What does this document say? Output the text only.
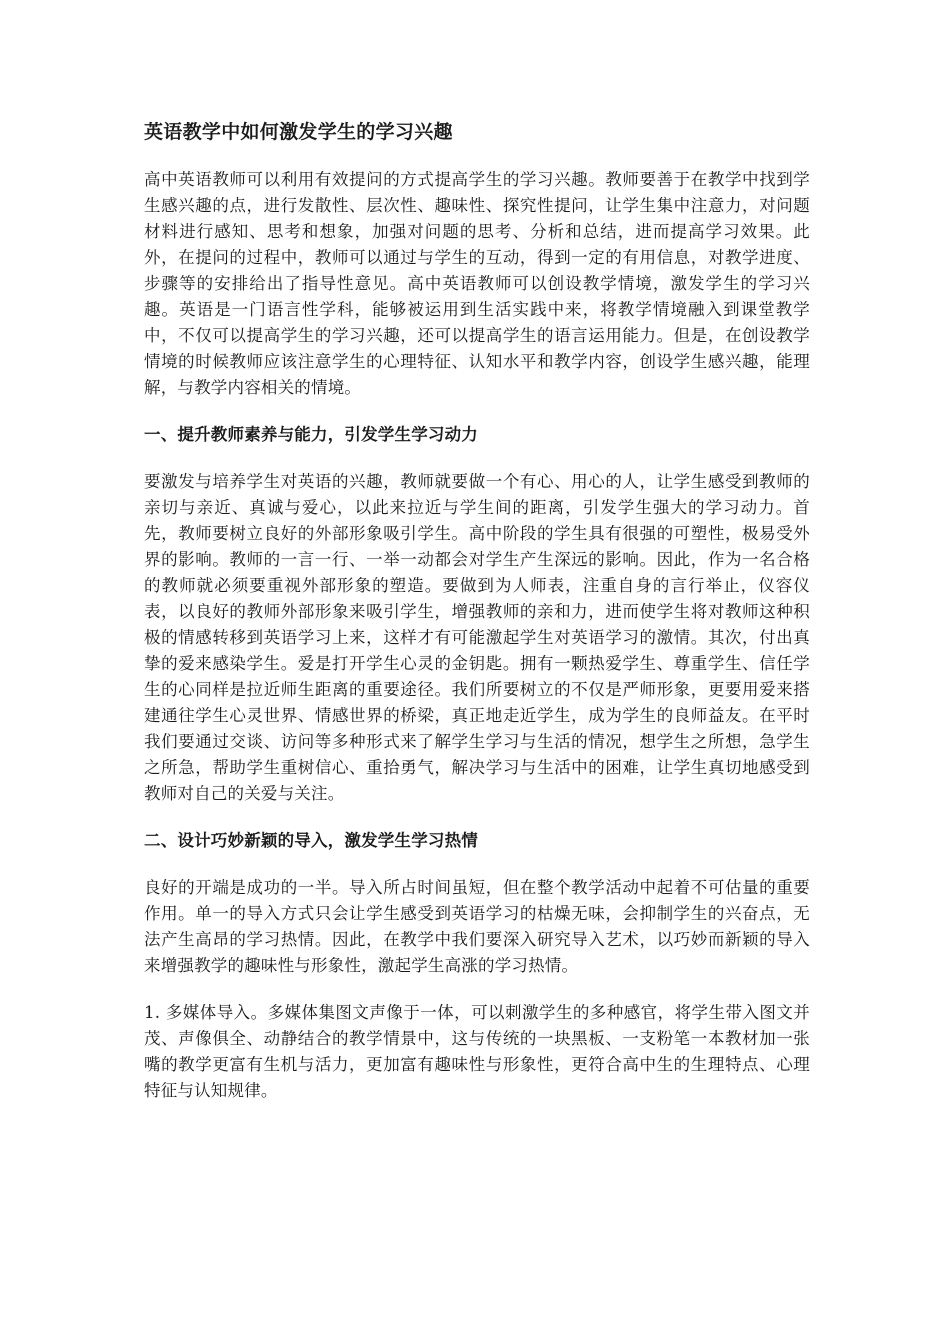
英语教学中如何激发学生的学习兴趣

高中英语教师可以利用有效提问的方式提高学生的学习兴趣。教师要善于在教学中找到学生感兴趣的点，进行发散性、层次性、趣味性、探究性提问，让学生集中注意力，对问题材料进行感知、思考和想象，加强对问题的思考、分析和总结，进而提高学习效果。此外，在提问的过程中，教师可以通过与学生的互动，得到一定的有用信息，对教学进度、步骤等的安排给出了指导性意见。高中英语教师可以创设教学情境，激发学生的学习兴趣。英语是一门语言性学科，能够被运用到生活实践中来，将教学情境融入到课堂教学中，不仅可以提高学生的学习兴趣，还可以提高学生的语言运用能力。但是，在创设教学情境的时候教师应该注意学生的心理特征、认知水平和教学内容，创设学生感兴趣，能理解，与教学内容相关的情境。

一、提升教师素养与能力，引发学生学习动力

要激发与培养学生对英语的兴趣，教师就要做一个有心、用心的人，让学生感受到教师的亲切与亲近、真诚与爱心，以此来拉近与学生间的距离，引发学生强大的学习动力。首先，教师要树立良好的外部形象吸引学生。高中阶段的学生具有很强的可塑性，极易受外界的影响。教师的一言一行、一举一动都会对学生产生深远的影响。因此，作为一名合格的教师就必须要重视外部形象的塑造。要做到为人师表，注重自身的言行举止，仪容仪表，以良好的教师外部形象来吸引学生，增强教师的亲和力，进而使学生将对教师这种积极的情感转移到英语学习上来，这样才有可能激起学生对英语学习的激情。其次，付出真挚的爱来感染学生。爱是打开学生心灵的金钥匙。拥有一颗热爱学生、尊重学生、信任学生的心同样是拉近师生距离的重要途径。我们所要树立的不仅是严师形象，更要用爱来搭建通往学生心灵世界、情感世界的桥梁，真正地走近学生，成为学生的良师益友。在平时我们要通过交谈、访问等多种形式来了解学生学习与生活的情况，想学生之所想，急学生之所急，帮助学生重树信心、重拾勇气，解决学习与生活中的困难，让学生真切地感受到教师对自己的关爱与关注。

二、设计巧妙新颖的导入，激发学生学习热情

良好的开端是成功的一半。导入所占时间虽短，但在整个教学活动中起着不可估量的重要作用。单一的导入方式只会让学生感受到英语学习的枯燥无味，会抑制学生的兴奋点，无法产生高昂的学习热情。因此，在教学中我们要深入研究导入艺术，以巧妙而新颖的导入来增强教学的趣味性与形象性，激起学生高涨的学习热情。

1. 多媒体导入。多媒体集图文声像于一体，可以刺激学生的多种感官，将学生带入图文并茂、声像俱全、动静结合的教学情景中，这与传统的一块黑板、一支粉笔一本教材加一张嘴的教学更富有生机与活力，更加富有趣味性与形象性，更符合高中生的生理特点、心理特征与认知规律。
